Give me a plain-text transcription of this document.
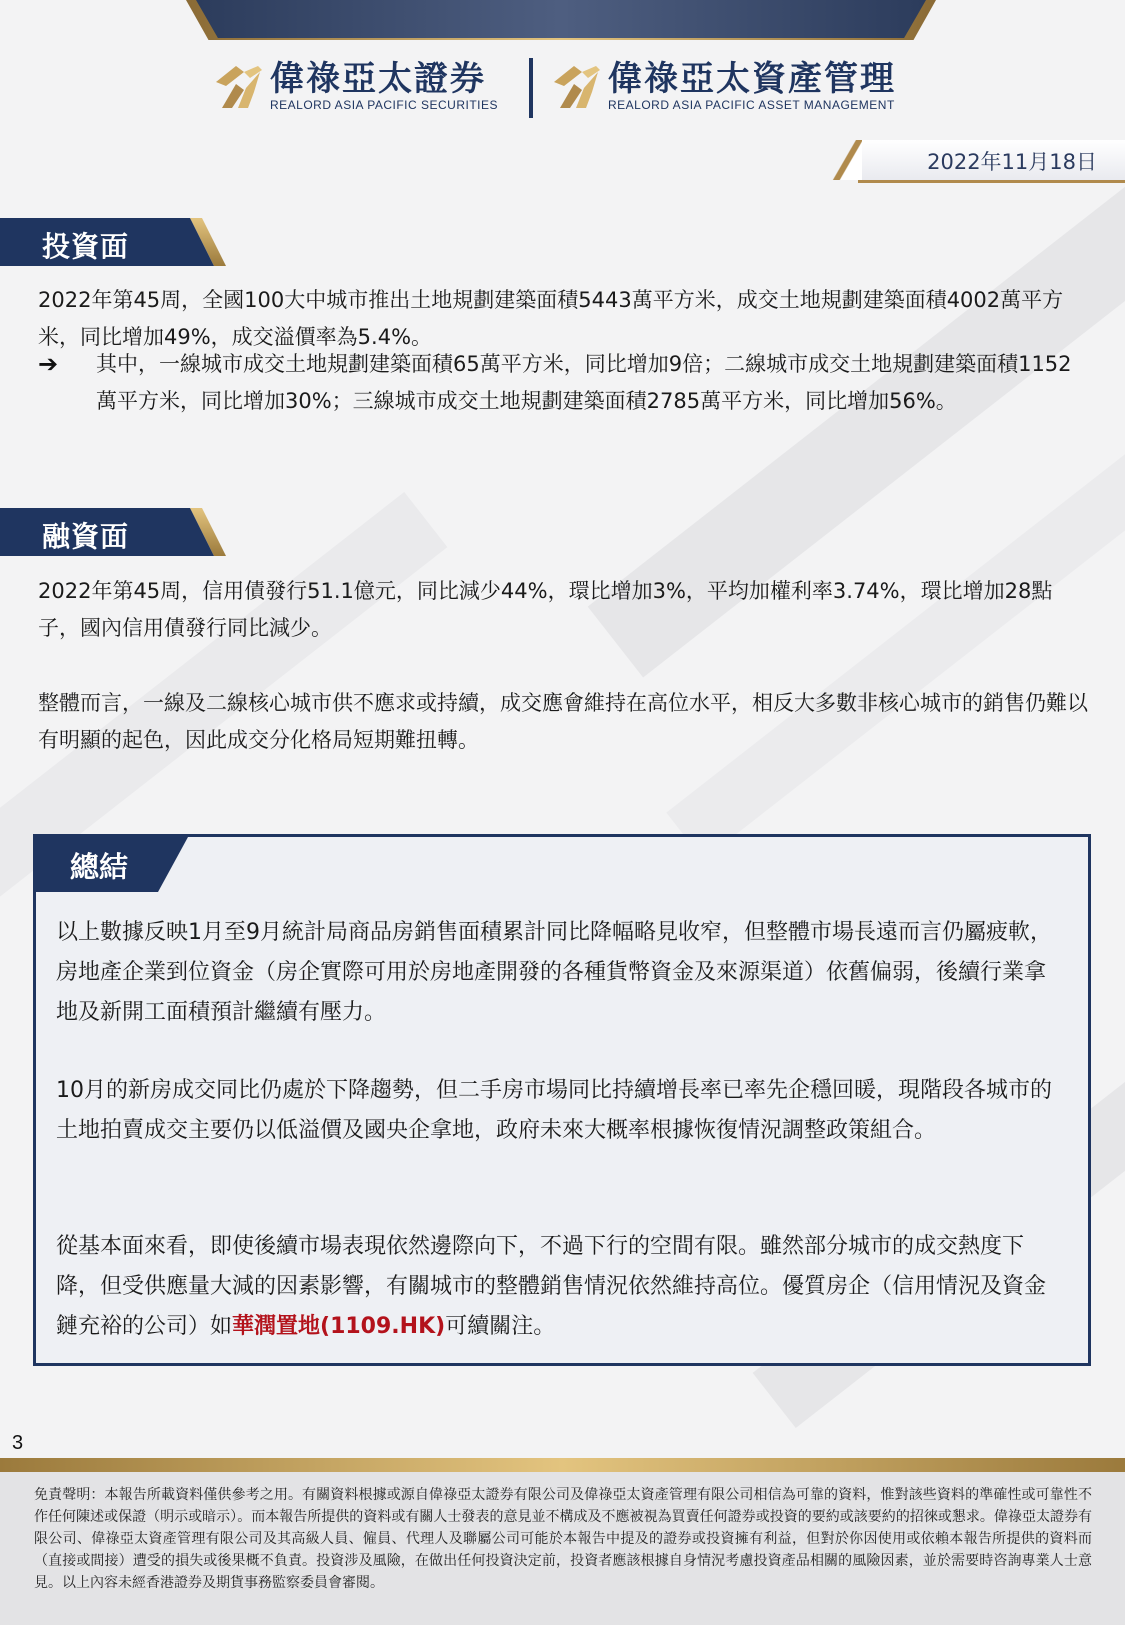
偉祿亞太證券
REALORD ASIA PACIFIC SECURITIES
偉祿亞太資產管理
REALORD ASIA PACIFIC ASSET MANAGEMENT
2022年11月18日
投資面

2022年第45周，全國100大中城市推出土地規劃建築面積5443萬平方米，成交土地規劃建築面積4002萬平方米，同比增加49%，成交溢價率為5.4%。

➔ 其中，一線城市成交土地規劃建築面積65萬平方米，同比增加9倍；二線城市成交土地規劃建築面積1152萬平方米，同比增加30%；三線城市成交土地規劃建築面積2785萬平方米，同比增加56%。

融資面

2022年第45周，信用債發行51.1億元，同比減少44%，環比增加3%，平均加權利率3.74%，環比增加28點子，國內信用債發行同比減少。

整體而言，一線及二線核心城市供不應求或持續，成交應會維持在高位水平，相反大多數非核心城市的銷售仍難以有明顯的起色，因此成交分化格局短期難扭轉。

總結

以上數據反映1月至9月統計局商品房銷售面積累計同比降幅略見收窄，但整體市場長遠而言仍屬疲軟，房地產企業到位資金（房企實際可用於房地產開發的各種貨幣資金及來源渠道）依舊偏弱，後續行業拿地及新開工面積預計繼續有壓力。

10月的新房成交同比仍處於下降趨勢，但二手房市場同比持續增長率已率先企穩回暖，現階段各城市的土地拍賣成交主要仍以低溢價及國央企拿地，政府未來大概率根據恢復情況調整政策組合。

從基本面來看，即使後續市場表現依然邊際向下，不過下行的空間有限。雖然部分城市的成交熱度下降，但受供應量大減的因素影響，有關城市的整體銷售情況依然維持高位。優質房企（信用情況及資金鏈充裕的公司）如華潤置地(1109.HK)可續關注。

3

免責聲明：本報告所載資料僅供參考之用。有關資料根據或源自偉祿亞太證券有限公司及偉祿亞太資產管理有限公司相信為可靠的資料，惟對該些資料的準確性或可靠性不作任何陳述或保證（明示或暗示）。而本報告所提供的資料或有關人士發表的意見並不構成及不應被視為買賣任何證券或投資的要約或該要約的招徠或懇求。偉祿亞太證券有限公司、偉祿亞太資產管理有限公司及其高級人員、僱員、代理人及聯屬公司可能於本報告中提及的證券或投資擁有利益，但對於你因使用或依賴本報告所提供的資料而（直接或間接）遭受的損失或後果概不負責。投資涉及風險，在做出任何投資決定前，投資者應該根據自身情況考慮投資產品相關的風險因素，並於需要時咨詢專業人士意見。以上內容未經香港證券及期貨事務監察委員會審閱。
